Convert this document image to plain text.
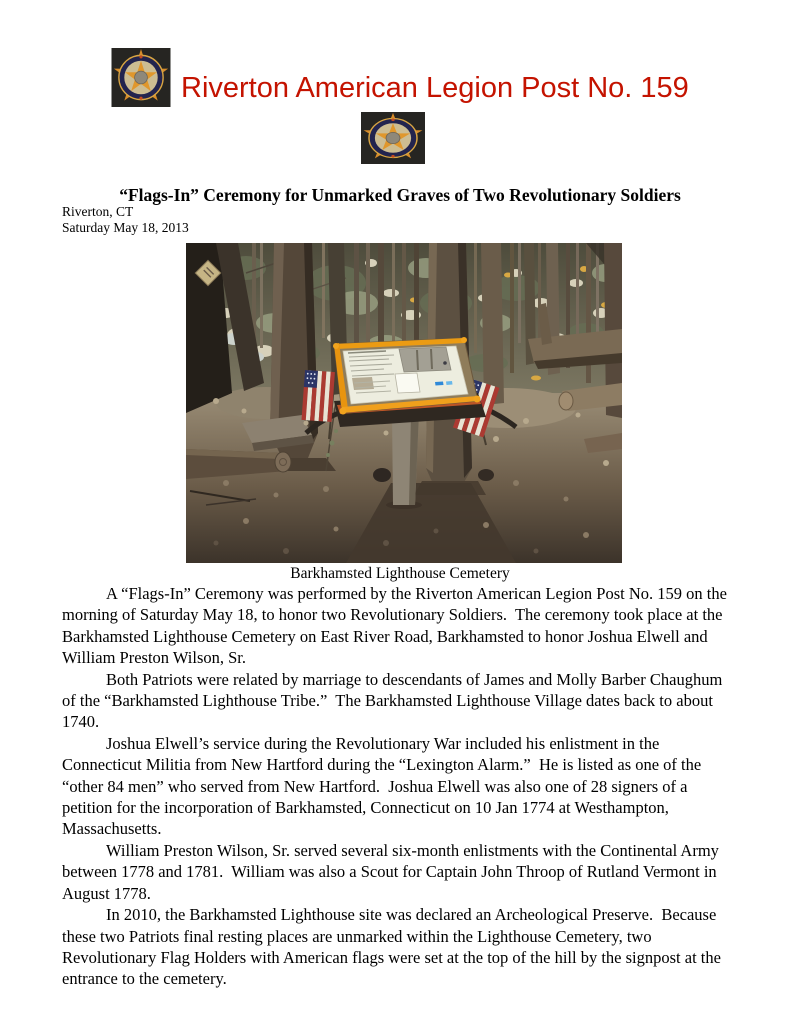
Riverton American Legion Post No. 159
“Flags-In” Ceremony for Unmarked Graves of Two Revolutionary Soldiers
Riverton, CT
Saturday May 18, 2013
Barkhamsted Lighthouse Cemetery

A “Flags-In” Ceremony was performed by the Riverton American Legion Post No. 159 on the morning of Saturday May 18, to honor two Revolutionary Soldiers.  The ceremony took place at the Barkhamsted Lighthouse Cemetery on East River Road, Barkhamsted to honor Joshua Elwell and William Preston Wilson, Sr.

Both Patriots were related by marriage to descendants of James and Molly Barber Chaughum of the “Barkhamsted Lighthouse Tribe.”  The Barkhamsted Lighthouse Village dates back to about 1740.

Joshua Elwell’s service during the Revolutionary War included his enlistment in the Connecticut Militia from New Hartford during the “Lexington Alarm.”  He is listed as one of the “other 84 men” who served from New Hartford.  Joshua Elwell was also one of 28 signers of a petition for the incorporation of Barkhamsted, Connecticut on 10 Jan 1774 at Westhampton, Massachusetts.

William Preston Wilson, Sr. served several six-month enlistments with the Continental Army between 1778 and 1781.  William was also a Scout for Captain John Throop of Rutland Vermont in August 1778.

In 2010, the Barkhamsted Lighthouse site was declared an Archeological Preserve.  Because these two Patriots final resting places are unmarked within the Lighthouse Cemetery, two Revolutionary Flag Holders with American flags were set at the top of the hill by the signpost at the entrance to the cemetery.
